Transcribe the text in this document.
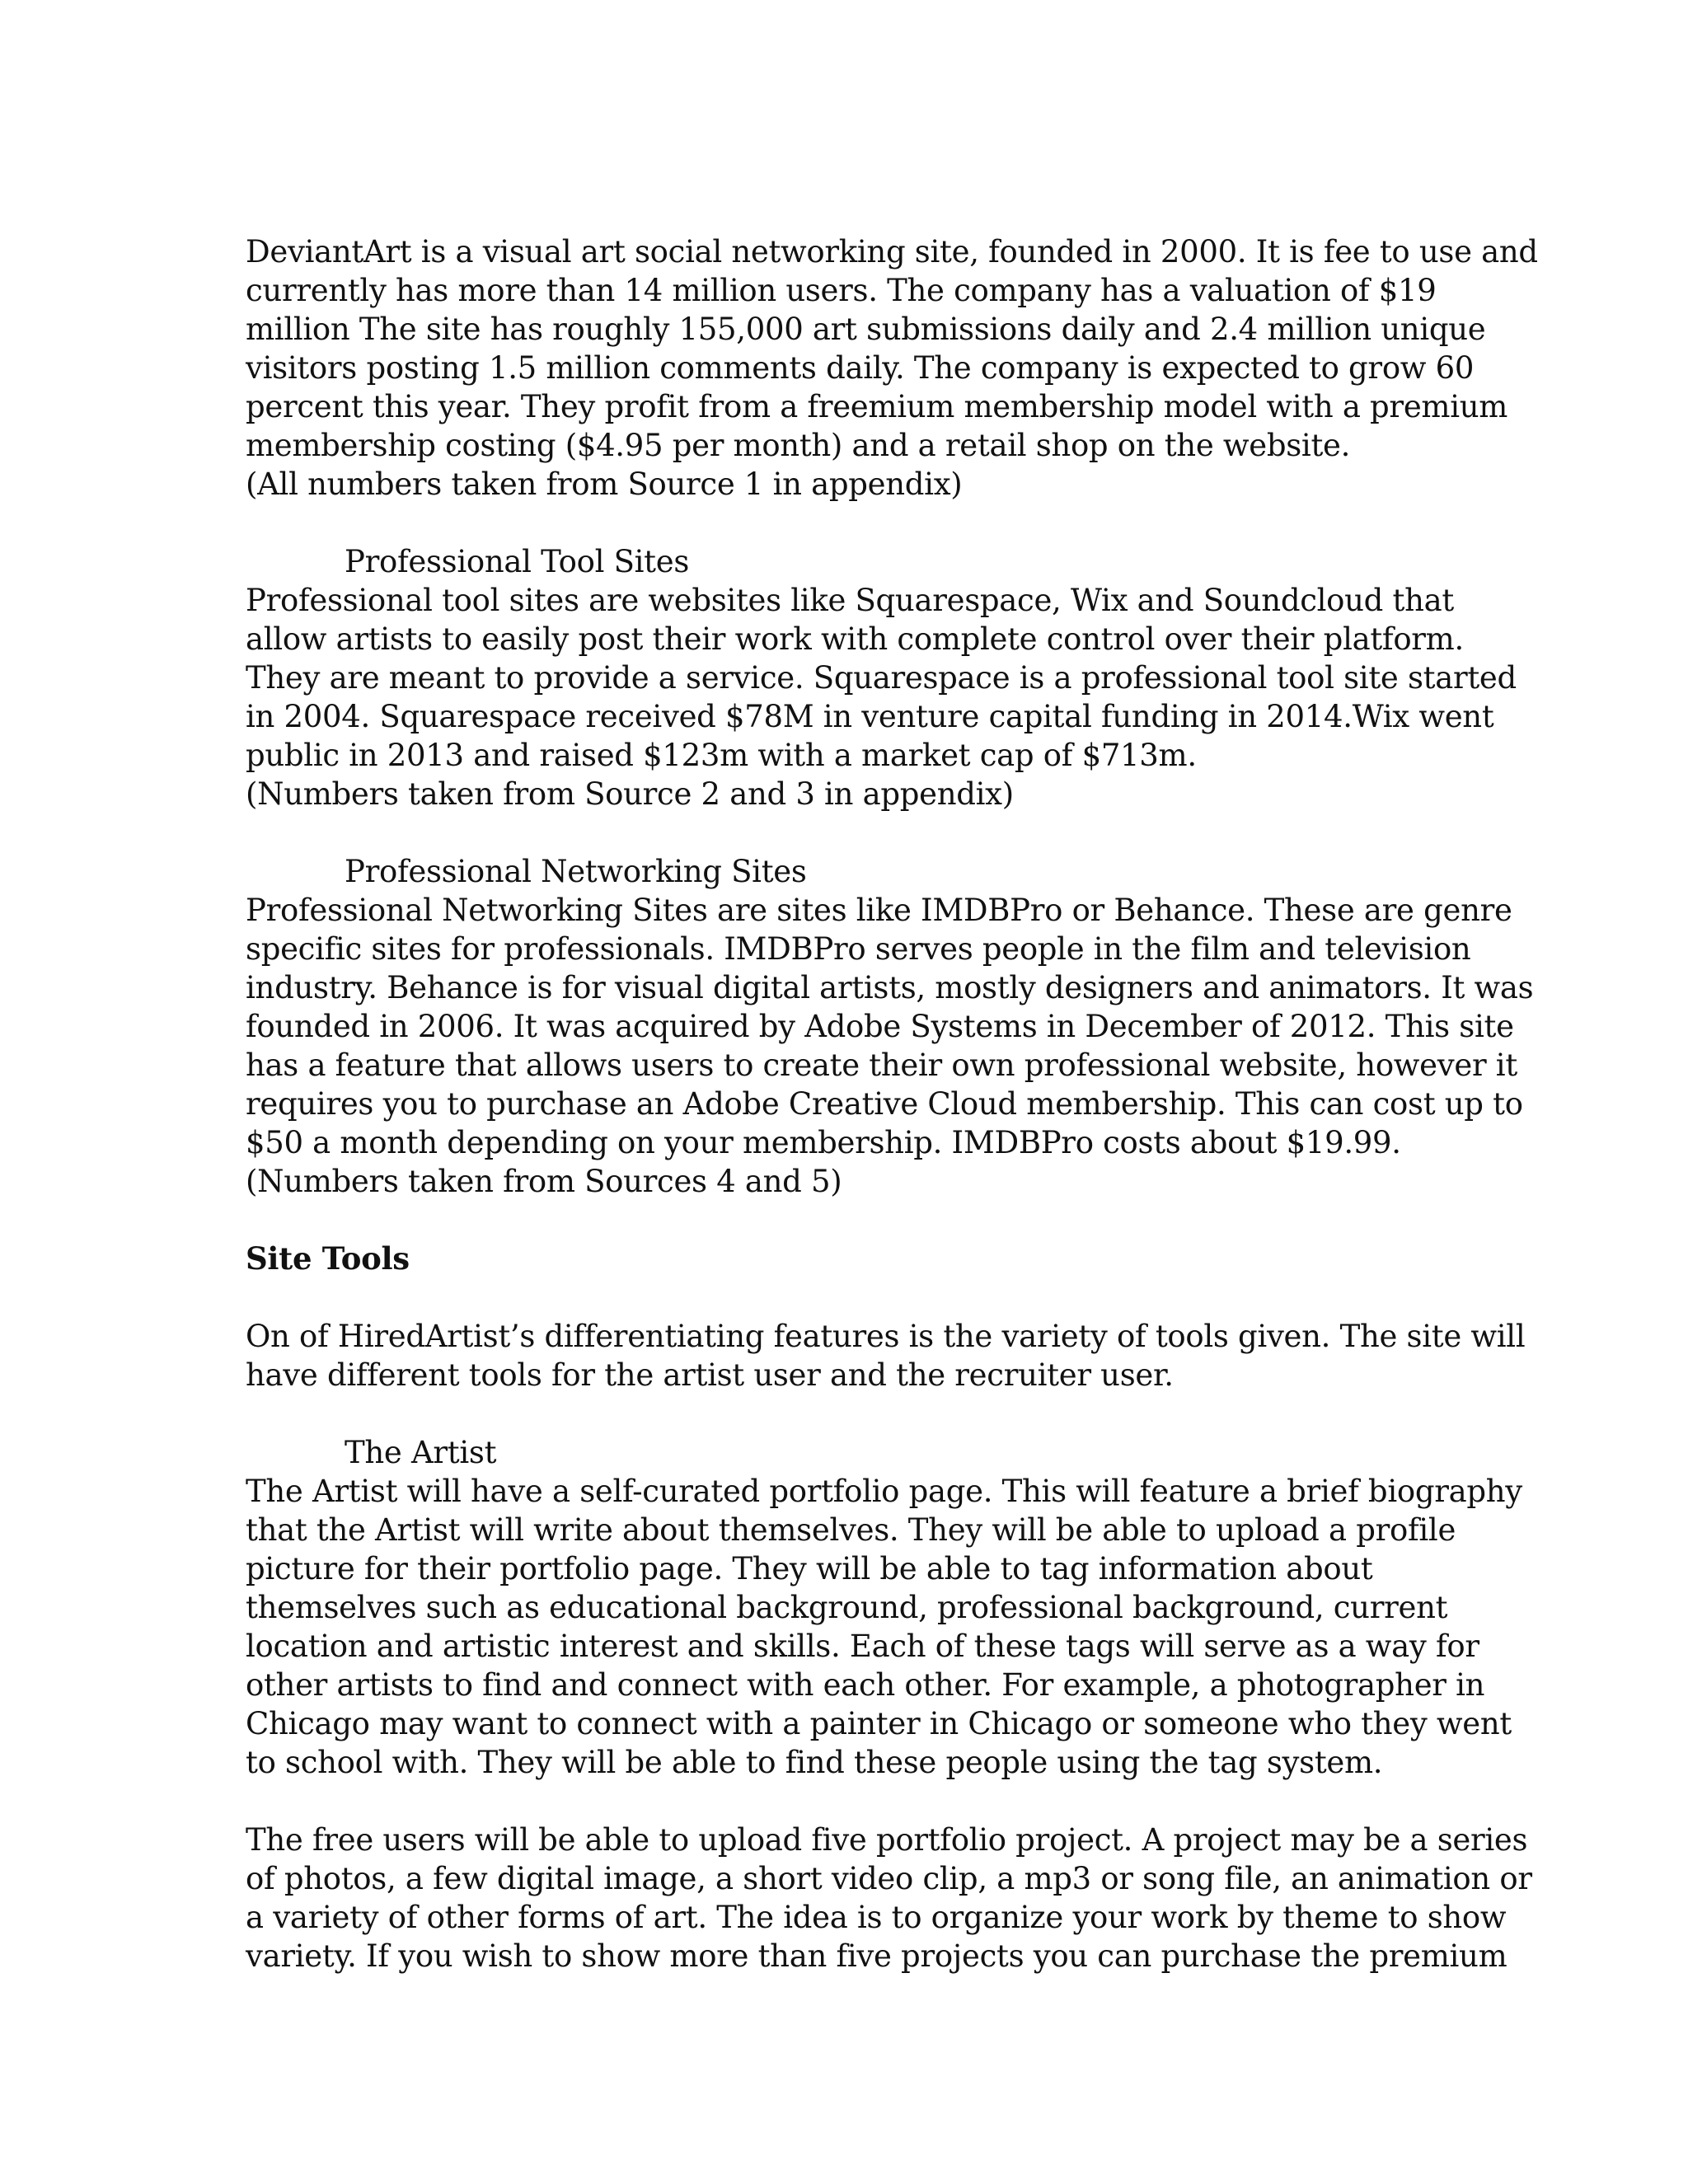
DeviantArt is a visual art social networking site, founded in 2000. It is fee to use and
currently has more than 14 million users. The company has a valuation of $19
million The site has roughly 155,000 art submissions daily and 2.4 million unique
visitors posting 1.5 million comments daily. The company is expected to grow 60
percent this year. They profit from a freemium membership model with a premium
membership costing ($4.95 per month) and a retail shop on the website.
(All numbers taken from Source 1 in appendix)
Professional Tool Sites
Professional tool sites are websites like Squarespace, Wix and Soundcloud that
allow artists to easily post their work with complete control over their platform.
They are meant to provide a service. Squarespace is a professional tool site started
in 2004. Squarespace received $78M in venture capital funding in 2014.Wix went
public in 2013 and raised $123m with a market cap of $713m.
(Numbers taken from Source 2 and 3 in appendix)
Professional Networking Sites
Professional Networking Sites are sites like IMDBPro or Behance. These are genre
specific sites for professionals. IMDBPro serves people in the film and television
industry. Behance is for visual digital artists, mostly designers and animators. It was
founded in 2006. It was acquired by Adobe Systems in December of 2012. This site
has a feature that allows users to create their own professional website, however it
requires you to purchase an Adobe Creative Cloud membership. This can cost up to
$50 a month depending on your membership. IMDBPro costs about $19.99.
(Numbers taken from Sources 4 and 5)
Site Tools
On of HiredArtist’s differentiating features is the variety of tools given. The site will
have different tools for the artist user and the recruiter user.
The Artist
The Artist will have a self-curated portfolio page. This will feature a brief biography
that the Artist will write about themselves. They will be able to upload a profile
picture for their portfolio page. They will be able to tag information about
themselves such as educational background, professional background, current
location and artistic interest and skills. Each of these tags will serve as a way for
other artists to find and connect with each other. For example, a photographer in
Chicago may want to connect with a painter in Chicago or someone who they went
to school with. They will be able to find these people using the tag system.
The free users will be able to upload five portfolio project. A project may be a series
of photos, a few digital image, a short video clip, a mp3 or song file, an animation or
a variety of other forms of art. The idea is to organize your work by theme to show
variety. If you wish to show more than five projects you can purchase the premium
